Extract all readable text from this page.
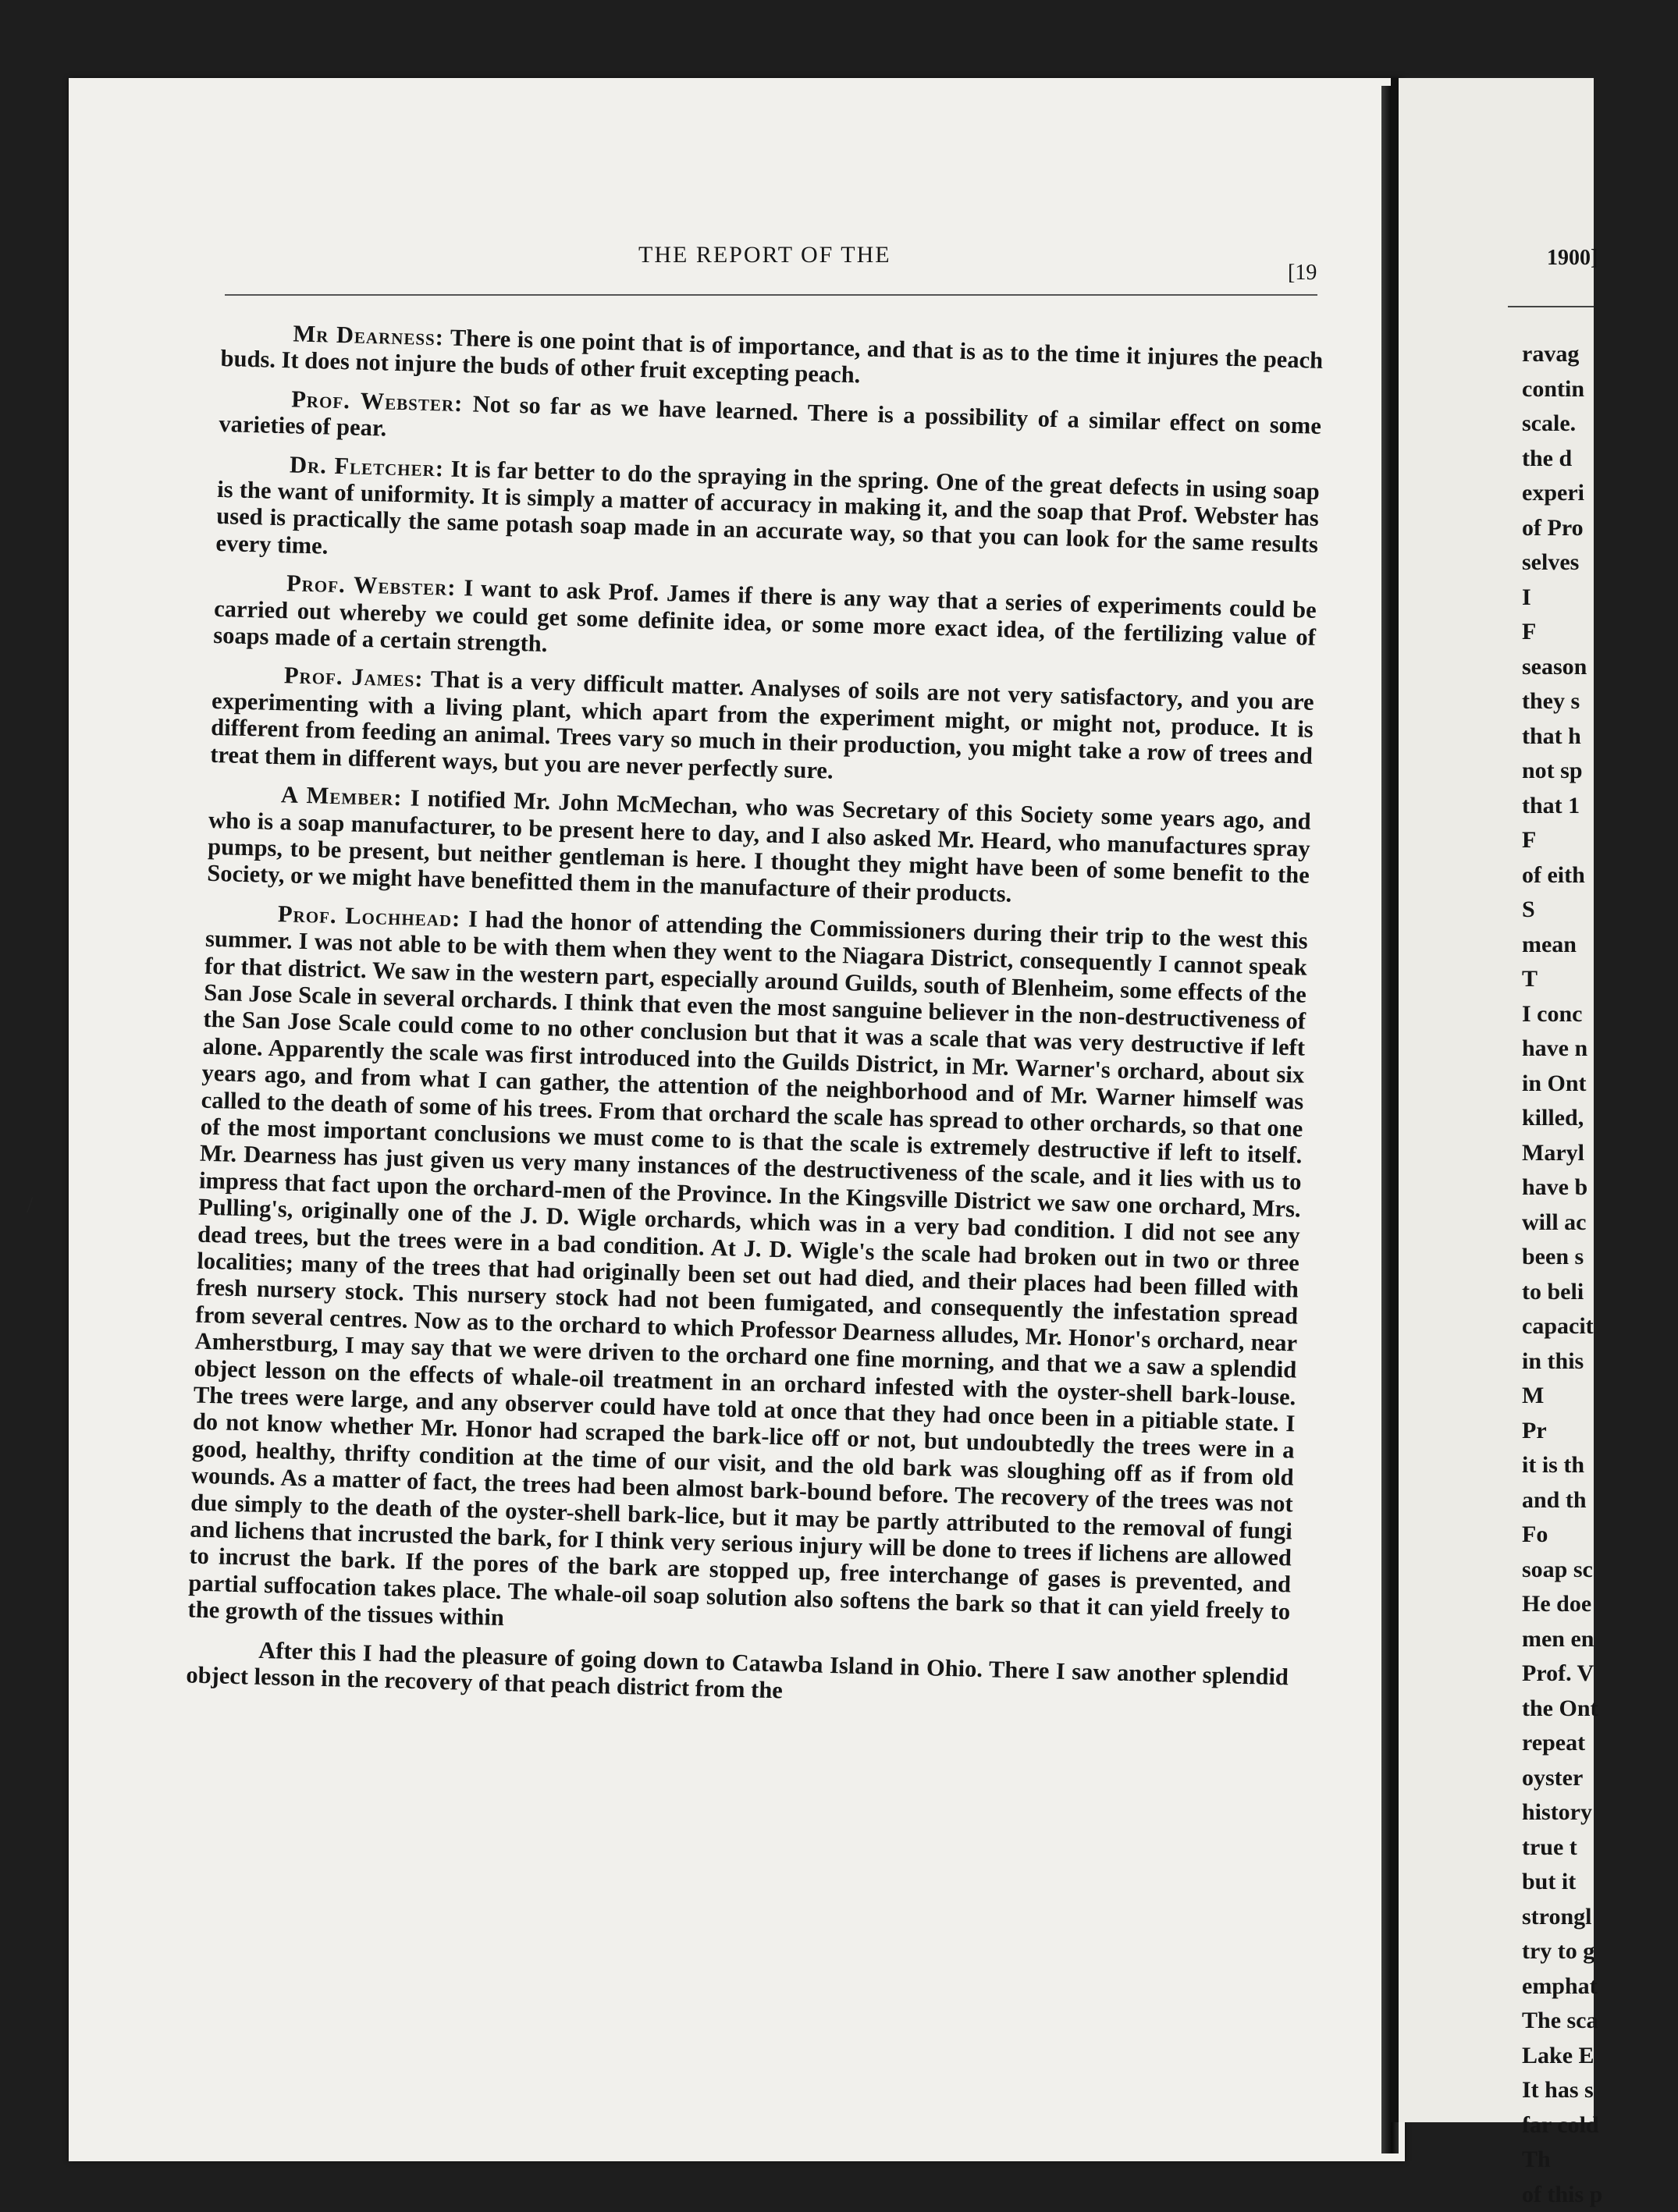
THE REPORT OF THE
[19

Mr Dearness: There is one point that is of importance, and that is as to the time it injures the peach buds. It does not injure the buds of other fruit excepting peach.

Prof. Webster: Not so far as we have learned. There is a possibility of a similar effect on some varieties of pear.

Dr. Fletcher: It is far better to do the spraying in the spring. One of the great defects in using soap is the want of uniformity. It is simply a matter of accuracy in making it, and the soap that Prof. Webster has used is practically the same potash soap made in an accurate way, so that you can look for the same results every time.

Prof. Webster: I want to ask Prof. James if there is any way that a series of experiments could be carried out whereby we could get some definite idea, or some more exact idea, of the fertilizing value of soaps made of a certain strength.

Prof. James: That is a very difficult matter. Analyses of soils are not very satisfactory, and you are experimenting with a living plant, which apart from the experiment might, or might not, produce. It is different from feeding an animal. Trees vary so much in their production, you might take a row of trees and treat them in different ways, but you are never perfectly sure.

A Member: I notified Mr. John McMechan, who was Secretary of this Society some years ago, and who is a soap manufacturer, to be present here to day, and I also asked Mr. Heard, who manufactures spray pumps, to be present, but neither gentleman is here. I thought they might have been of some benefit to the Society, or we might have benefitted them in the manufacture of their products.

Prof. Lochhead: I had the honor of attending the Commissioners during their trip to the west this summer. I was not able to be with them when they went to the Niagara District, consequently I cannot speak for that district. We saw in the western part, especially around Guilds, south of Blenheim, some effects of the San Jose Scale in several orchards. I think that even the most sanguine believer in the non-destructiveness of the San Jose Scale could come to no other conclusion but that it was a scale that was very destructive if left alone. Apparently the scale was first introduced into the Guilds District, in Mr. Warner's orchard, about six years ago, and from what I can gather, the attention of the neighborhood and of Mr. Warner himself was called to the death of some of his trees. From that orchard the scale has spread to other orchards, so that one of the most important conclusions we must come to is that the scale is extremely destructive if left to itself. Mr. Dearness has just given us very many instances of the destructiveness of the scale, and it lies with us to impress that fact upon the orchard-men of the Province. In the Kingsville District we saw one orchard, Mrs. Pulling's, originally one of the J. D. Wigle orchards, which was in a very bad condition. I did not see any dead trees, but the trees were in a bad condition. At J. D. Wigle's the scale had broken out in two or three localities; many of the trees that had originally been set out had died, and their places had been filled with fresh nursery stock. This nursery stock had not been fumigated, and consequently the infestation spread from several centres. Now as to the orchard to which Professor Dearness alludes, Mr. Honor's orchard, near Amherstburg, I may say that we were driven to the orchard one fine morning, and that we a saw a splendid object lesson on the effects of whale-oil treatment in an orchard infested with the oyster-shell bark-louse. The trees were large, and any observer could have told at once that they had once been in a pitiable state. I do not know whether Mr. Honor had scraped the bark-lice off or not, but undoubtedly the trees were in a good, healthy, thrifty condition at the time of our visit, and the old bark was sloughing off as if from old wounds. As a matter of fact, the trees had been almost bark-bound before. The recovery of the trees was not due simply to the death of the oyster-shell bark-lice, but it may be partly attributed to the removal of fungi and lichens that incrusted the bark, for I think very serious injury will be done to trees if lichens are allowed to incrust the bark. If the pores of the bark are stopped up, free interchange of gases is prevented, and partial suffocation takes place. The whale-oil soap solution also softens the bark so that it can yield freely to the growth of the tissues within

After this I had the pleasure of going down to Catawba Island in Ohio. There I saw another splendid object lesson in the recovery of that peach district from the

1900]
ravag
contin
scale.
the d
experi
of Pro
selves
I
F
season
they s
that h
not sp
that 1
F
of eith
S
mean
T
I conc
have n
in Ont
killed,
Maryl
have b
will ac
been s
to beli
capacit
in this
M
Pr
it is th
and th
Fo
soap sc
He doe
men en
Prof. V
the Ont
repeat
oyster
history
true t
but it
strongl
try to g
emphat
The sca
Lake E
It has s
far cold
Th
of this p
/
